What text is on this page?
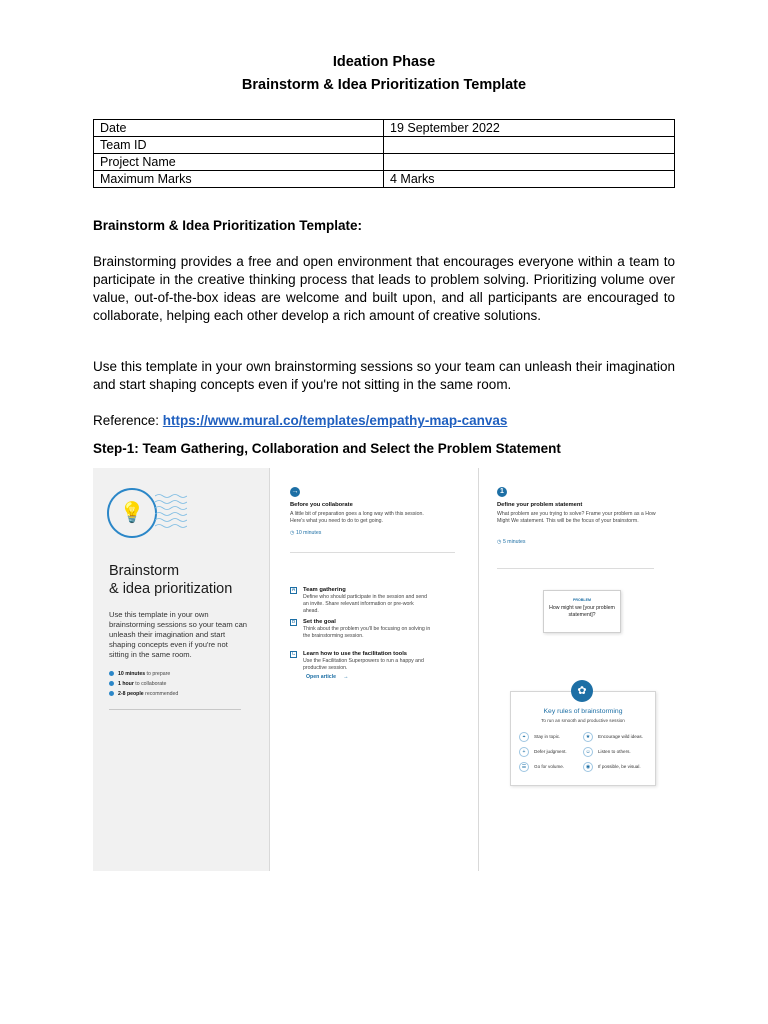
Ideation Phase
Brainstorm & Idea Prioritization Template
Date	19 September 2022
Team ID	
Project Name	
Maximum Marks	4 Marks
Brainstorm & Idea Prioritization Template:
Brainstorming provides a free and open environment that encourages everyone within a team to participate in the creative thinking process that leads to problem solving. Prioritizing volume over value, out-of-the-box ideas are welcome and built upon, and all participants are encouraged to collaborate, helping each other develop a rich amount of creative solutions.
Use this template in your own brainstorming sessions so your team can unleash their imagination and start shaping concepts even if you're not sitting in the same room.
Reference: https://www.mural.co/templates/empathy-map-canvas
Step-1: Team Gathering, Collaboration and Select the Problem Statement
💡
Brainstorm
& idea prioritization
Use this template in your own brainstorming sessions so your team can unleash their imagination and start shaping concepts even if you're not sitting in the same room.
10 minutes to prepare
1 hour to collaborate
2-8 people recommended
→
Before you collaborate
A little bit of preparation goes a long way with this session. Here's what you need to do to get going.
◷ 10 minutes
A	Team gathering
Define who should participate in the session and send an invite. Share relevant information or pre-work ahead.
B	Set the goal
Think about the problem you'll be focusing on solving in the brainstorming session.
C Learn how to use the facilitation tools
Use the Facilitation Superpowers to run a happy and productive session.
Open article     →
1
Define your problem statement
What problem are you trying to solve? Frame your problem as a How Might We statement. This will be the focus of your brainstorm.
◷ 5 minutes
PROBLEM
How might we [your problem statement]?
✿
Key rules of brainstorming
To run an smooth and productive session
⌖ Stay in topic.	★ Encourage wild ideas.
+ Defer judgment.	☺ Listen to others.
☰ Go for volume.	◉ If possible, be visual.
